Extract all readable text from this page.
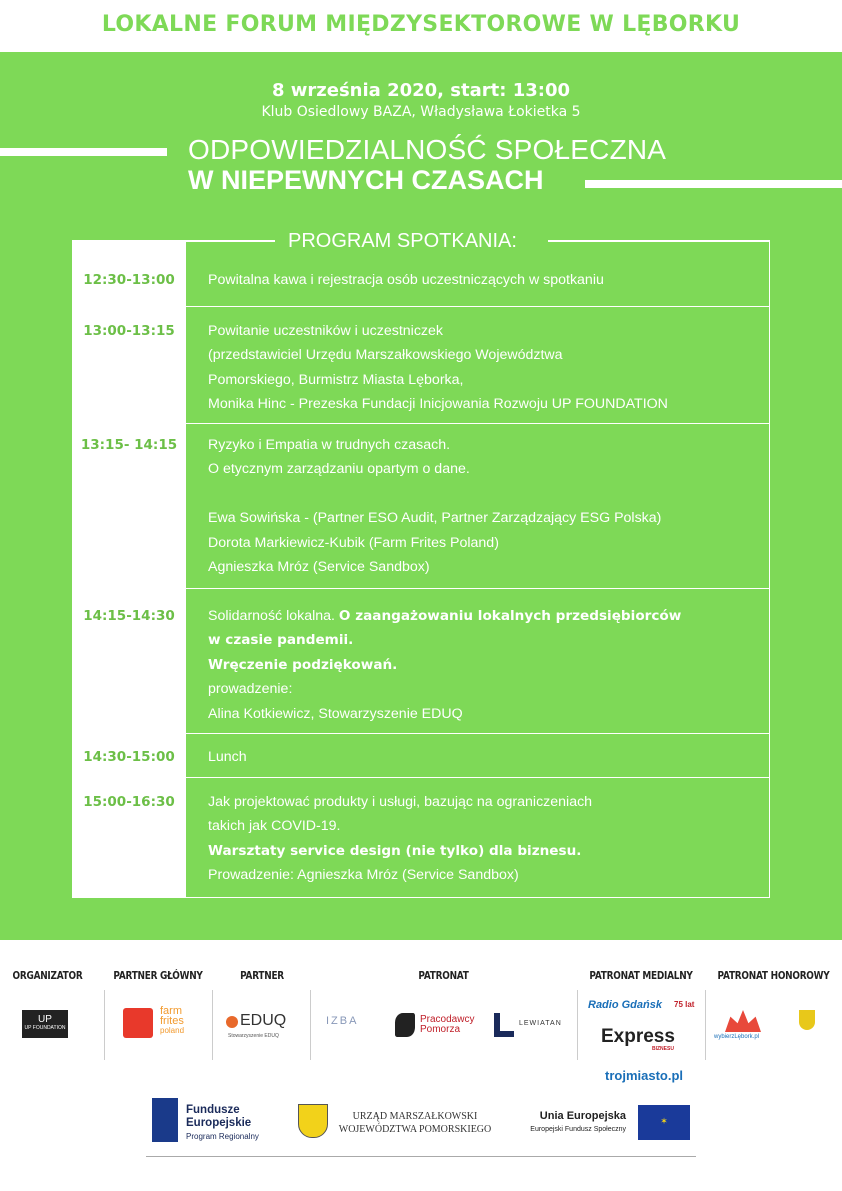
LOKALNE FORUM MIĘDZYSEKTOROWE W LĘBORKU
8 września 2020, start: 13:00
Klub Osiedlowy BAZA, Władysława Łokietka 5
ODPOWIEDZIALNOŚĆ SPOŁECZNA
W NIEPEWNYCH CZASACH
PROGRAM SPOTKANIA:
12:30-13:00	Powitalna kawa i rejestracja osób uczestniczących w spotkaniu
13:00-13:15	Powitanie uczestników i uczestniczek
(przedstawiciel Urzędu Marszałkowskiego Województwa
Pomorskiego, Burmistrz Miasta Lęborka,
Monika Hinc - Prezeska Fundacji Inicjowania Rozwoju UP FOUNDATION
13:15- 14:15	Ryzyko i Empatia w trudnych czasach.
O etycznym zarządzaniu opartym o dane.
Ewa Sowińska - (Partner ESO Audit, Partner Zarządzający ESG Polska)
Dorota Markiewicz-Kubik (Farm Frites Poland)
Agnieszka Mróz (Service Sandbox)
14:15-14:30	Solidarność lokalna. O zaangażowaniu lokalnych przedsiębiorców
w czasie pandemii.
Wręczenie podziękowań.
prowadzenie:
Alina Kotkiewicz, Stowarzyszenie EDUQ
14:30-15:00	Lunch
15:00-16:30	Jak projektować produkty i usługi, bazując na ograniczeniach
takich jak COVID-19.
Warsztaty service design (nie tylko) dla biznesu.
Prowadzenie: Agnieszka Mróz (Service Sandbox)
ORGANIZATOR	PARTNER GŁÓWNY	PARTNER	PATRONAT	PATRONAT MEDIALNY PATRONAT HONOROWY
UP
UP FOUNDATION
farm
frites
poland
EDUQ
Stowarzyszenie EDUQ
IZBA	Pracodawcy
Pomorza
LEWIATAN
Radio Gdańsk 75 lat
Express
BIZNESU
trojmiasto.pl
wybierzLębork.pl
Fundusze
Europejskie
Program Regionalny
URZĄD MARSZAŁKOWSKI
WOJEWÓDZTWA POMORSKIEGO
Unia Europejska
Europejski Fundusz Społeczny
✶
